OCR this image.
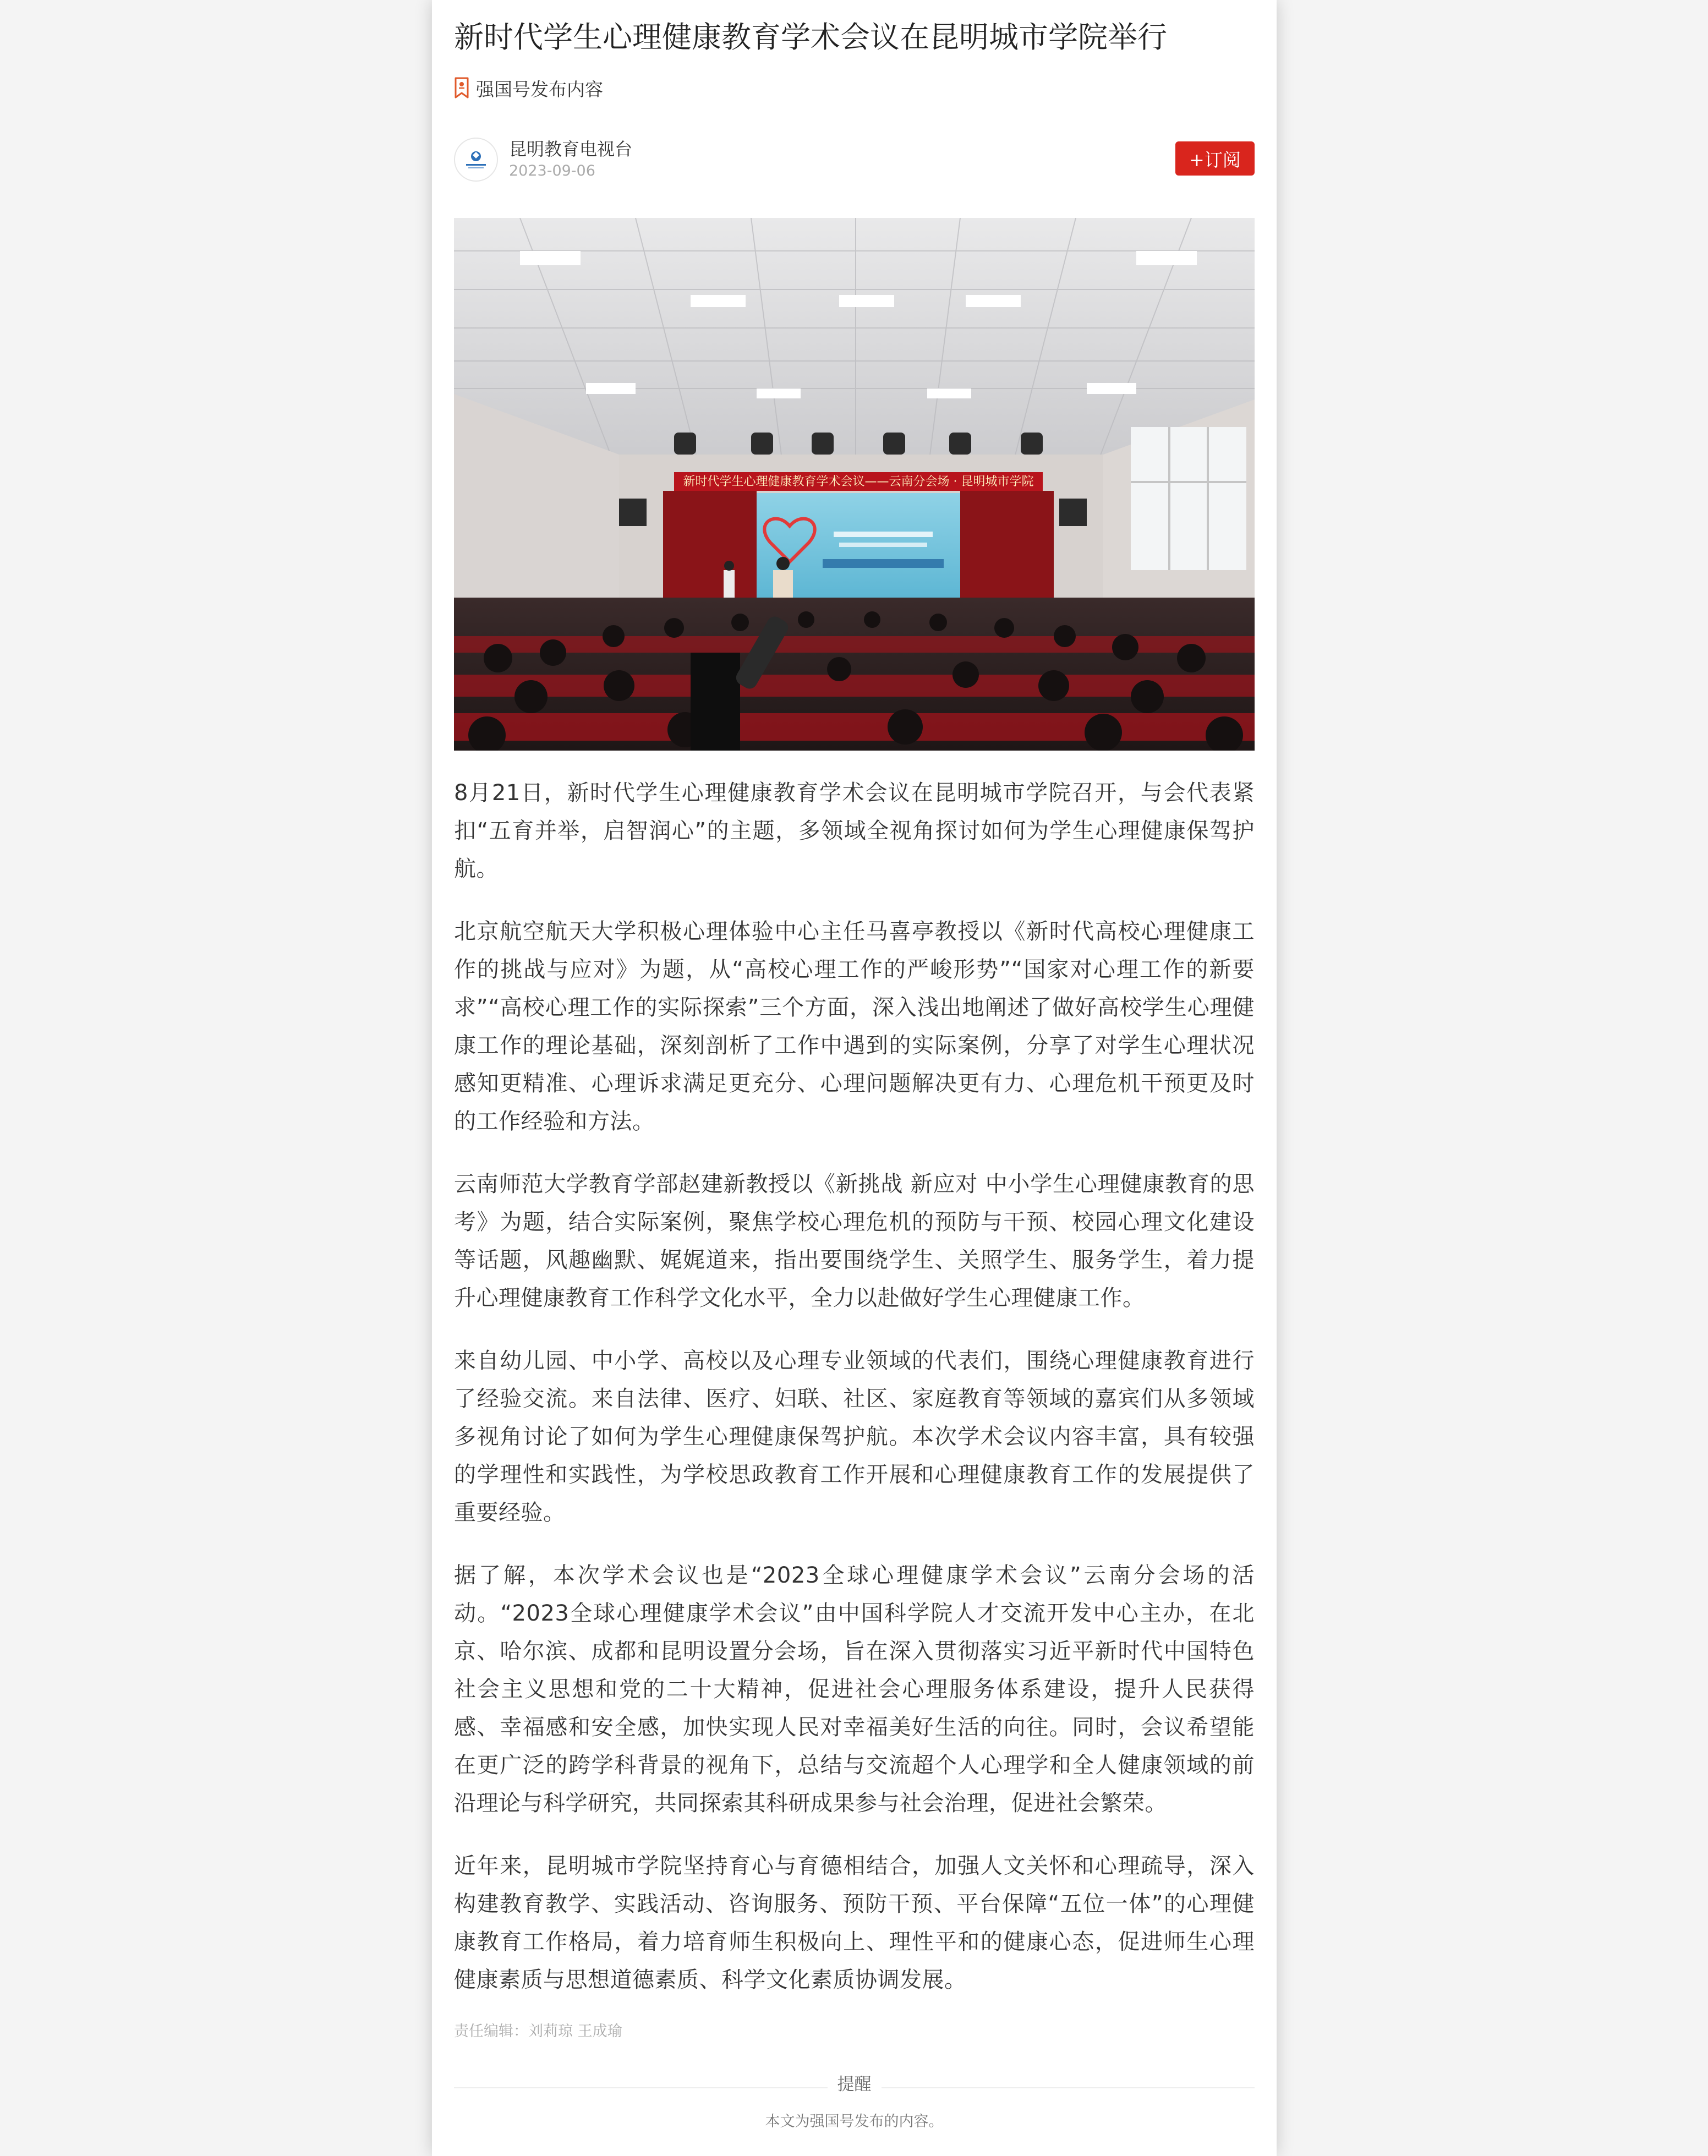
新时代学生心理健康教育学术会议在昆明城市学院举行
强国号发布内容
昆明教育电视台
2023-09-06
+订阅
新时代学生心理健康教育学术会议——云南分会场 · 昆明城市学院

8月21日，新时代学生心理健康教育学术会议在昆明城市学院召开，与会代表紧扣“五育并举，启智润心”的主题，多领域全视角探讨如何为学生心理健康保驾护航。

北京航空航天大学积极心理体验中心主任马喜亭教授以《新时代高校心理健康工作的挑战与应对》为题，从“高校心理工作的严峻形势”“国家对心理工作的新要求”“高校心理工作的实际探索”三个方面，深入浅出地阐述了做好高校学生心理健康工作的理论基础，深刻剖析了工作中遇到的实际案例，分享了对学生心理状况感知更精准、心理诉求满足更充分、心理问题解决更有力、心理危机干预更及时的工作经验和方法。

云南师范大学教育学部赵建新教授以《新挑战 新应对 中小学生心理健康教育的思考》为题，结合实际案例，聚焦学校心理危机的预防与干预、校园心理文化建设等话题，风趣幽默、娓娓道来，指出要围绕学生、关照学生、服务学生，着力提升心理健康教育工作科学文化水平，全力以赴做好学生心理健康工作。

来自幼儿园、中小学、高校以及心理专业领域的代表们，围绕心理健康教育进行了经验交流。来自法律、医疗、妇联、社区、家庭教育等领域的嘉宾们从多领域多视角讨论了如何为学生心理健康保驾护航。本次学术会议内容丰富，具有较强的学理性和实践性，为学校思政教育工作开展和心理健康教育工作的发展提供了重要经验。

据了解，本次学术会议也是“2023全球心理健康学术会议”云南分会场的活动。“2023全球心理健康学术会议”由中国科学院人才交流开发中心主办，在北京、哈尔滨、成都和昆明设置分会场，旨在深入贯彻落实习近平新时代中国特色社会主义思想和党的二十大精神，促进社会心理服务体系建设，提升人民获得感、幸福感和安全感，加快实现人民对幸福美好生活的向往。同时，会议希望能在更广泛的跨学科背景的视角下，总结与交流超个人心理学和全人健康领域的前沿理论与科学研究，共同探索其科研成果参与社会治理，促进社会繁荣。

近年来，昆明城市学院坚持育心与育德相结合，加强人文关怀和心理疏导，深入构建教育教学、实践活动、咨询服务、预防干预、平台保障“五位一体”的心理健康教育工作格局，着力培育师生积极向上、理性平和的健康心态，促进师生心理健康素质与思想道德素质、科学文化素质协调发展。

责任编辑：刘莉琼 王成瑜
提醒
本文为强国号发布的内容。
